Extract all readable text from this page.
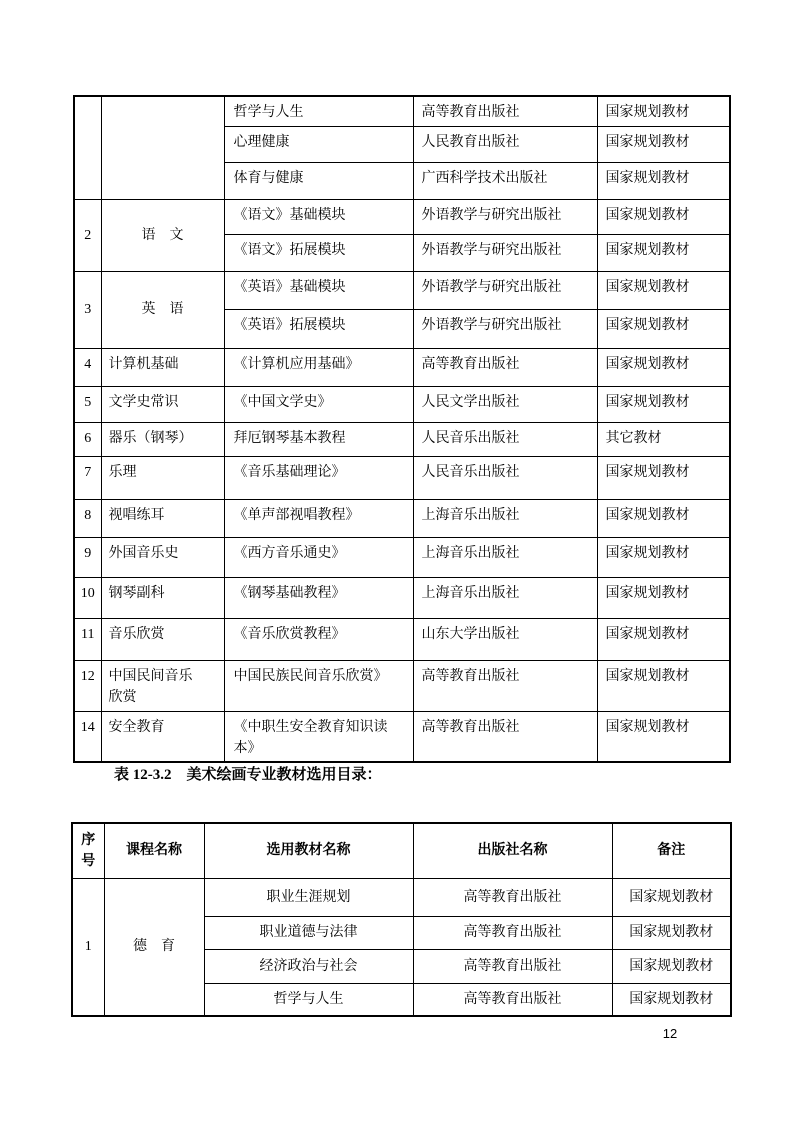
		哲学与人生	高等教育出版社	国家规划教材
		心理健康	人民教育出版社	国家规划教材
		体育与健康	广西科学技术出版社	国家规划教材
2	语　文	《语文》基础模块	外语教学与研究出版社	国家规划教材
		《语文》拓展模块	外语教学与研究出版社	国家规划教材
3	英　语	《英语》基础模块	外语教学与研究出版社	国家规划教材
		《英语》拓展模块	外语教学与研究出版社	国家规划教材
4	计算机基础	《计算机应用基础》	高等教育出版社	国家规划教材
5	文学史常识	《中国文学史》	人民文学出版社	国家规划教材
6	器乐（钢琴）	拜厄钢琴基本教程	人民音乐出版社	其它教材
7	乐理	《音乐基础理论》	人民音乐出版社	国家规划教材
8	视唱练耳	《单声部视唱教程》	上海音乐出版社	国家规划教材
9	外国音乐史	《西方音乐通史》	上海音乐出版社	国家规划教材
10	钢琴副科	《钢琴基础教程》	上海音乐出版社	国家规划教材
11	音乐欣赏	《音乐欣赏教程》	山东大学出版社	国家规划教材
12	中国民间音乐欣赏	中国民族民间音乐欣赏》	高等教育出版社	国家规划教材
14	安全教育	《中职生安全教育知识读本》	高等教育出版社	国家规划教材
表 12-3.2　美术绘画专业教材选用目录：
序号	课程名称	选用教材名称	出版社名称	备注
1	德　育	职业生涯规划	高等教育出版社	国家规划教材
		职业道德与法律	高等教育出版社	国家规划教材
		经济政治与社会	高等教育出版社	国家规划教材
		哲学与人生	高等教育出版社	国家规划教材
12
